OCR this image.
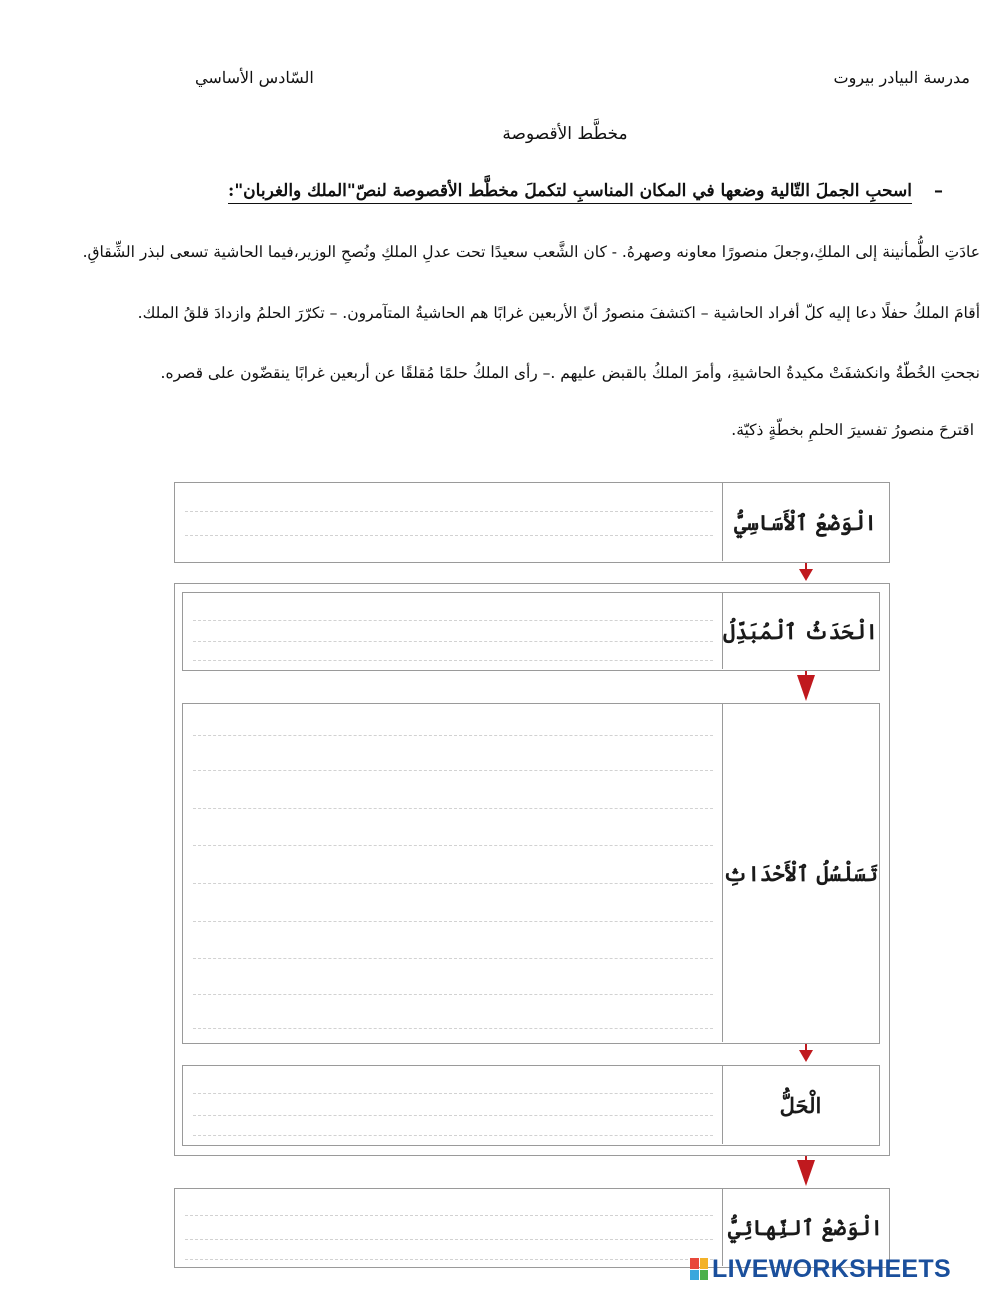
مدرسة البيادر بيروت
السّادس الأساسي
مخطَّط الأقصوصة
–
اسحبِ الجملَ التّالية وضعها في المكان المناسبِ لتكملَ مخطَّط الأقصوصة لنصّ"الملك والغربان":
عادَتِ الطُّمأنينة إلى الملكِ،وجعلَ منصورًا معاونه وصهرهُ. - كان الشَّعب سعيدًا تحت عدلِ الملكِ ونُصحِ الوزير،فيما الحاشية تسعى لبذر الشِّقاقِ.
أقامَ الملكُ حفلًا دعا إليه كلّ أفراد الحاشية – اكتشفَ منصورُ أنّ الأربعين غرابًا هم الحاشيةُ المتآمرون. – تكرّرَ الحلمُ وازدادَ قلقُ الملك.
نجحتِ الخُطّةُ وانكشفَتْ مكيدةُ الحاشيةِ، وأمرَ الملكُ بالقبض عليهم .– رأى الملكُ حلمًا مُقلقًا عن أربعين غرابًا ينقضّون على قصره.
اقترحَ منصورُ تفسيرَ الحلمِ بخطّةٍ ذكيّة.
الْوَضْعُ ٱلْأَسَاسِيُّ
الْحَدَثُ ٱلْمُبَدِّلُ
تَسَلْسُلُ ٱلْأَحْدَاثِ
الْحَلُّ
الْوَضْعُ ٱلنِّهائِيُّ
LIVEWORKSHEETS
